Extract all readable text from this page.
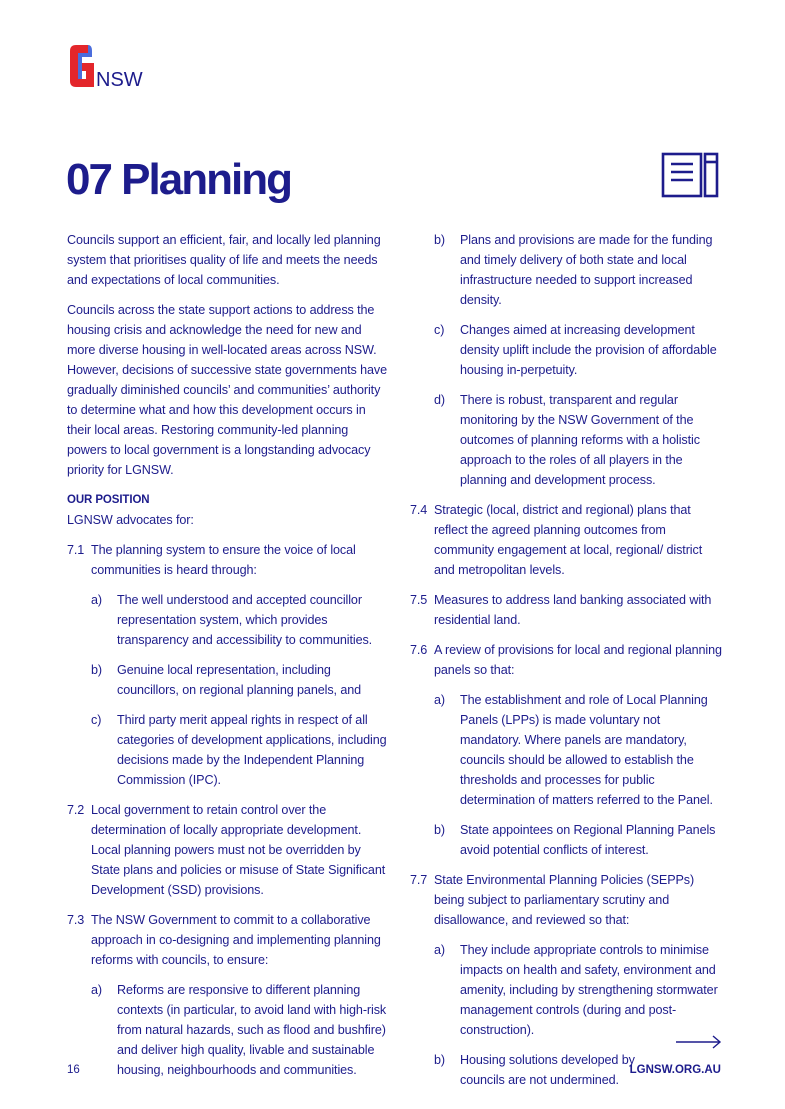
NSW
07 Planning

Councils support an efficient, fair, and locally led planning system that prioritises quality of life and meets the needs and expectations of local communities.

Councils across the state support actions to address the housing crisis and acknowledge the need for new and more diverse housing in well-located areas across NSW. However, decisions of successive state governments have gradually diminished councils’ and communities’ authority to determine what and how this development occurs in their local areas. Restoring community-led planning powers to local government is a longstanding advocacy priority for LGNSW.

OUR POSITION

LGNSW advocates for:

7.1 The planning system to ensure the voice of local communities is heard through:
a)	The well understood and accepted councillor representation system, which provides transparency and accessibility to communities.
b)	Genuine local representation, including councillors, on regional planning panels, and
c)	Third party merit appeal rights in respect of all categories of development applications, including decisions made by the Independent Planning Commission (IPC).
7.2 Local government to retain control over the determination of locally appropriate development. Local planning powers must not be overridden by State plans and policies or misuse of State Significant Development (SSD) provisions.
7.3 The NSW Government to commit to a collaborative approach in co-designing and implementing planning reforms with councils, to ensure:
a)	Reforms are responsive to different planning contexts (in particular, to avoid land with high-risk from natural hazards, such as flood and bushfire) and deliver high quality, livable and sustainable housing, neighbourhoods and communities.
b)	Plans and provisions are made for the funding and timely delivery of both state and local infrastructure needed to support increased density.
c)	Changes aimed at increasing development density uplift include the provision of affordable housing in-perpetuity.
d)	There is robust, transparent and regular monitoring by the NSW Government of the outcomes of planning reforms with a holistic approach to the roles of all players in the planning and development process.
7.4 Strategic (local, district and regional) plans that reflect the agreed planning outcomes from community engagement at local, regional/ district and metropolitan levels.
7.5 Measures to address land banking associated with residential land.
7.6 A review of provisions for local and regional planning panels so that:
a)	The establishment and role of Local Planning Panels (LPPs) is made voluntary not mandatory. Where panels are mandatory, councils should be allowed to establish the thresholds and processes for public determination of matters referred to the Panel.
b)	State appointees on Regional Planning Panels avoid potential conflicts of interest.
7.7 State Environmental Planning Policies (SEPPs) being subject to parliamentary scrutiny and disallowance, and reviewed so that:
a)	They include appropriate controls to minimise impacts on health and safety, environment and amenity, including by strengthening stormwater management controls (during and post-construction).
b)	Housing solutions developed by councils are not undermined.
16	LGNSW.ORG.AU
